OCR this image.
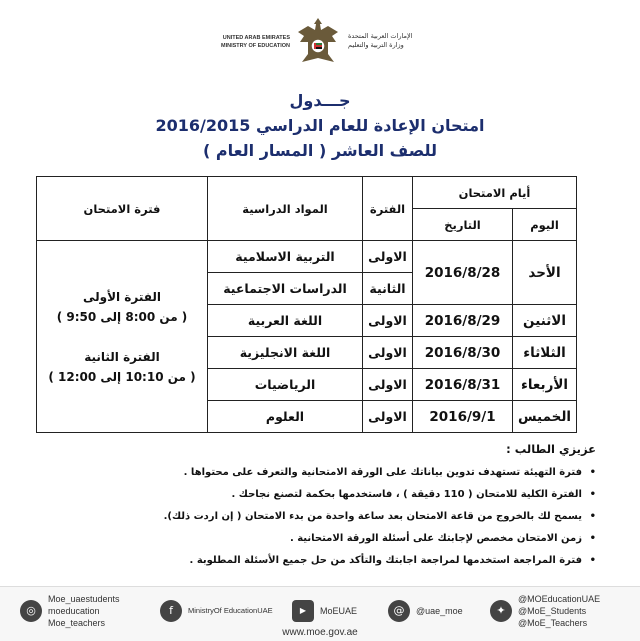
UNITED ARAB EMIRATES
MINISTRY OF EDUCATION
الإمارات العربية المتحدة
وزارة التربية والتعليم
جـــدول
امتحان الإعادة للعام الدراسي 2016/2015
للصف العاشر ( المسار العام )
أيام الامتحان		الفترة	المواد الدراسية	فترة الامتحان
اليوم	التاريخ			
الأحد	2016/8/28	الاولى	التربية الاسلامية	الفترة الأولى
( من 8:00 إلى 9:50 )
الفترة الثانية
( من 10:10 إلى 12:00 )

		الثانية	الدراسات الاجتماعية	
الاثنين	2016/8/29	الاولى	اللغة العربية	
الثلاثاء	2016/8/30	الاولى	اللغة الانجليزية	
الأربعاء	2016/8/31	الاولى	الرياضيات	
الخميس	2016/9/1	الاولى	العلوم	
عزيزي الطالب :
• فترة التهيئة تستهدف تدوين بياناتك على الورقة الامتحانية والتعرف على محتواها .
• الفترة الكلية للامتحان ( 110 دقيقة ) ، فاستخدمها بحكمة لتصنع نجاحك .
• يسمح لك بالخروج من قاعة الامتحان بعد ساعة واحدة من بدء الامتحان ( إن اردت ذلك).
• زمن الامتحان مخصص لإجابتك على أسئلة الورقة الامتحانية .
• فترة المراجعة استخدمها لمراجعة اجابتك والتأكد من حل جميع الأسئلة المطلوبة .
◎
Moe_uaestudents
moeducation
Moe_teachers
f	MinistryOf EducationUAE	▶	MoEUAE	@	@uae_moe	✦
@MOEducationUAE
@MoE_Students
@MoE_Teachers
www.moe.gov.ae
